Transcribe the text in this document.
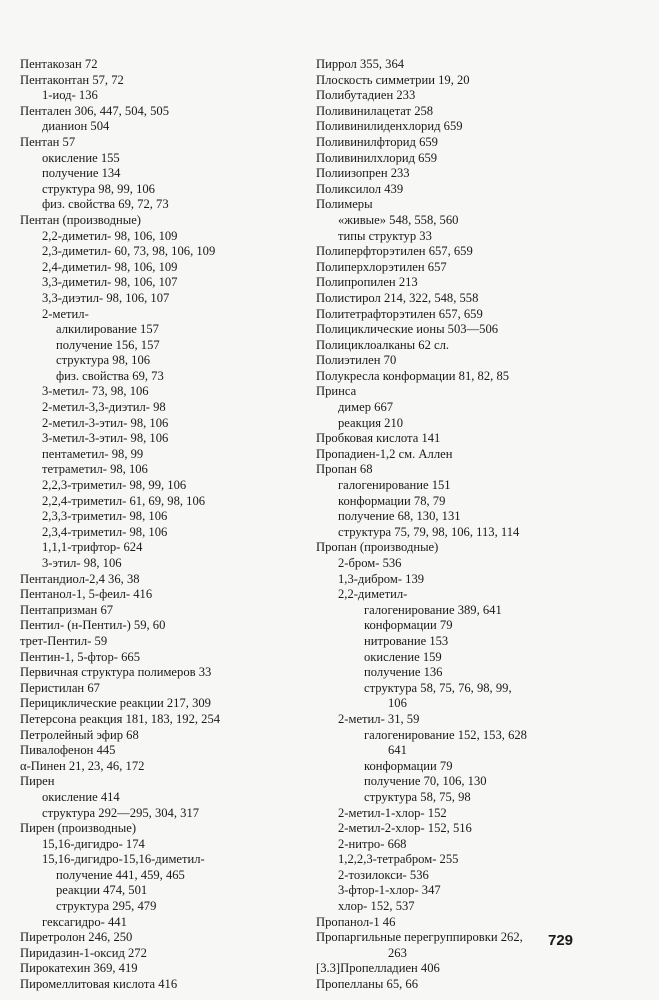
Пентакозан 72
Пентаконтан 57, 72
1-иод- 136
Пентален 306, 447, 504, 505
дианион 504
Пентан 57
окисление 155
получение 134
структура 98, 99, 106
физ. свойства 69, 72, 73
Пентан (производные)
2,2-диметил- 98, 106, 109
2,3-диметил- 60, 73, 98, 106, 109
2,4-диметил- 98, 106, 109
3,3-диметил- 98, 106, 107
3,3-диэтил- 98, 106, 107
2-метил-
алкилирование 157
получение 156, 157
структура 98, 106
физ. свойства 69, 73
3-метил- 73, 98, 106
2-метил-3,3-диэтил- 98
2-метил-3-этил- 98, 106
3-метил-3-этил- 98, 106
пентаметил- 98, 99
тетраметил- 98, 106
2,2,3-триметил- 98, 99, 106
2,2,4-триметил- 61, 69, 98, 106
2,3,3-триметил- 98, 106
2,3,4-триметил- 98, 106
1,1,1-трифтор- 624
3-этил- 98, 106
Пентандиол-2,4 36, 38
Пентанол-1, 5-феил- 416
Пентапризман 67
Пентил- (н-Пентил-) 59, 60
трет-Пентил- 59
Пентин-1, 5-фтор- 665
Первичная структура полимеров 33
Перистилан 67
Перициклические реакции 217, 309
Петерсона реакция 181, 183, 192, 254
Петролейный эфир 68
Пивалофенон 445
α-Пинен 21, 23, 46, 172
Пирен
окисление 414
структура 292—295, 304, 317
Пирен (производные)
15,16-дигидро- 174
15,16-дигидро-15,16-диметил-
получение 441, 459, 465
реакции 474, 501
структура 295, 479
гексагидро- 441
Пиретролон 246, 250
Пиридазин-1-оксид 272
Пирокатехин 369, 419
Пиромеллитовая кислота 416
Пиррол 355, 364
Плоскость симметрии 19, 20
Полибутадиен 233
Поливинилацетат 258
Поливинилиденхлорид 659
Поливинилфторид 659
Поливинилхлорид 659
Полиизопрен 233
Поликсилол 439
Полимеры
«живые» 548, 558, 560
типы структур 33
Полиперфторэтилен 657, 659
Полиперхлорэтилен 657
Полипропилен 213
Полистирол 214, 322, 548, 558
Политетрафторэтилен 657, 659
Полициклические ионы 503—506
Полициклоалканы 62 сл.
Полиэтилен 70
Полукресла конформации 81, 82, 85
Принса
димер 667
реакция 210
Пробковая кислота 141
Пропадиен-1,2 см. Аллен
Пропан 68
галогенирование 151
конформации 78, 79
получение 68, 130, 131
структура 75, 79, 98, 106, 113, 114
Пропан (производные)
2-бром- 536
1,3-дибром- 139
2,2-диметил-
галогенирование 389, 641
конформации 79
нитрование 153
окисление 159
получение 136
структура 58, 75, 76, 98, 99,
106
2-метил- 31, 59
галогенирование 152, 153, 628
641
конформации 79
получение 70, 106, 130
структура 58, 75, 98
2-метил-1-хлор- 152
2-метил-2-хлор- 152, 516
2-нитро- 668
1,2,2,3-тетрабром- 255
2-тозилокси- 536
3-фтор-1-хлор- 347
хлор- 152, 537
Пропанол-1 46
Пропаргильные перегруппировки 262,
263
[3.3]Пропелладиен 406
Пропелланы 65, 66
729
